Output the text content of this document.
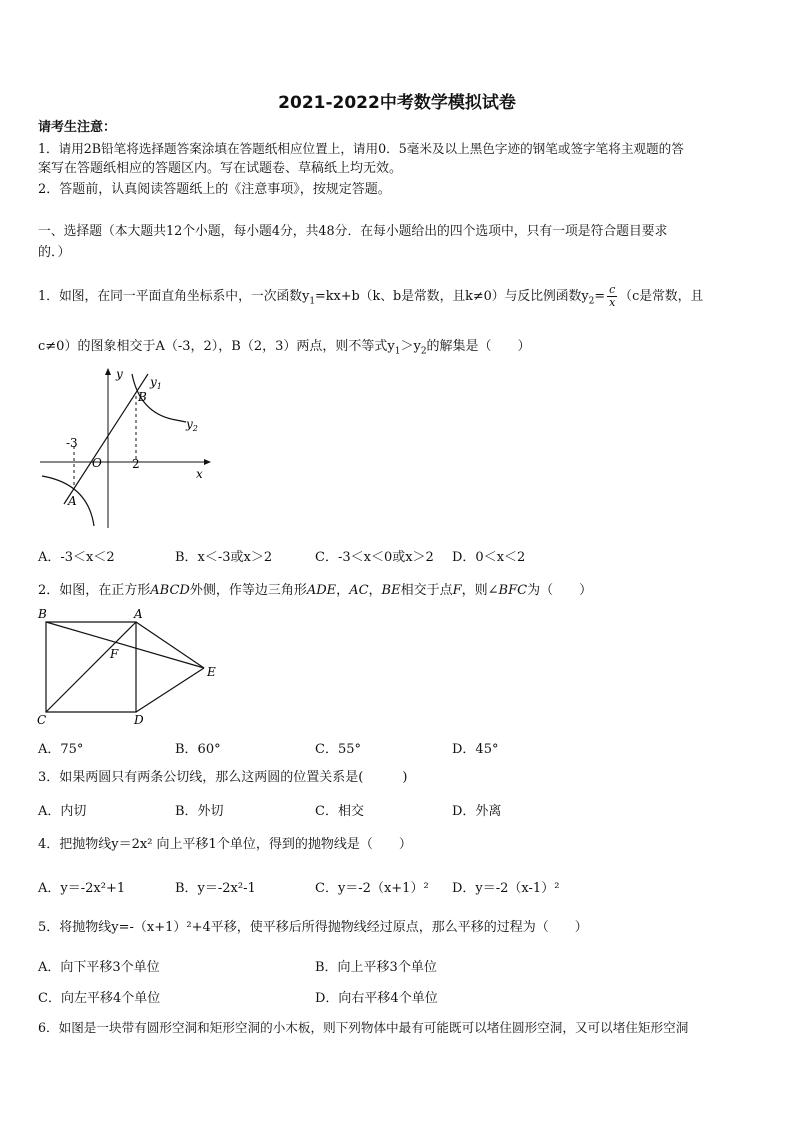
2021-2022中考数学模拟试卷
请考生注意：
1．请用2B铅笔将选择题答案涂填在答题纸相应位置上，请用0．5毫米及以上黑色字迹的钢笔或签字笔将主观题的答
案写在答题纸相应的答题区内。写在试题卷、草稿纸上均无效。
2．答题前，认真阅读答题纸上的《注意事项》，按规定答题。
一、选择题（本大题共12个小题，每小题4分，共48分．在每小题给出的四个选项中，只有一项是符合题目要求
的．）
1．如图，在同一平面直角坐标系中，一次函数$y_1=kx+b(k$、b是常数，且k≠0）与反比例函数$y_2= \frac{c}{x} (c$是常数，且
c≠0）的图象相交于A（-3，2），B（2，3）两点，则不等式$y_1>y_2$的解集是（　　）
y
x
$y_1$
$y_2$
B
A
O
-3
2
A．-3＜x＜2	B．x＜-3或x＞2	C．-3＜x＜0或x＞2 D．0＜x＜2
2．如图，在正方形ABCD外侧，作等边三角形ADE，AC，BE相交于点F，则∠BFC为（　　）
B	A
F
E
C	D
A．75°	B．60°	C．55°	D．45°
3．如果两圆只有两条公切线，那么这两圆的位置关系是(　　　)
A．内切	B．外切	C．相交	D．外离
4．把抛物线y＝2x² 向上平移1个单位，得到的抛物线是（　　）
A．y＝-2x²+1	B．y＝-2x²-1	C．y＝-2（x+1）² D．y＝-2（x-1）²
5．将抛物线y=-（x+1）²+4平移，使平移后所得抛物线经过原点，那么平移的过程为（　　）
A．向下平移3个单位	B．向上平移3个单位
C．向左平移4个单位	D．向右平移4个单位
6．如图是一块带有圆形空洞和矩形空洞的小木板，则下列物体中最有可能既可以堵住圆形空洞，又可以堵住矩形空洞
